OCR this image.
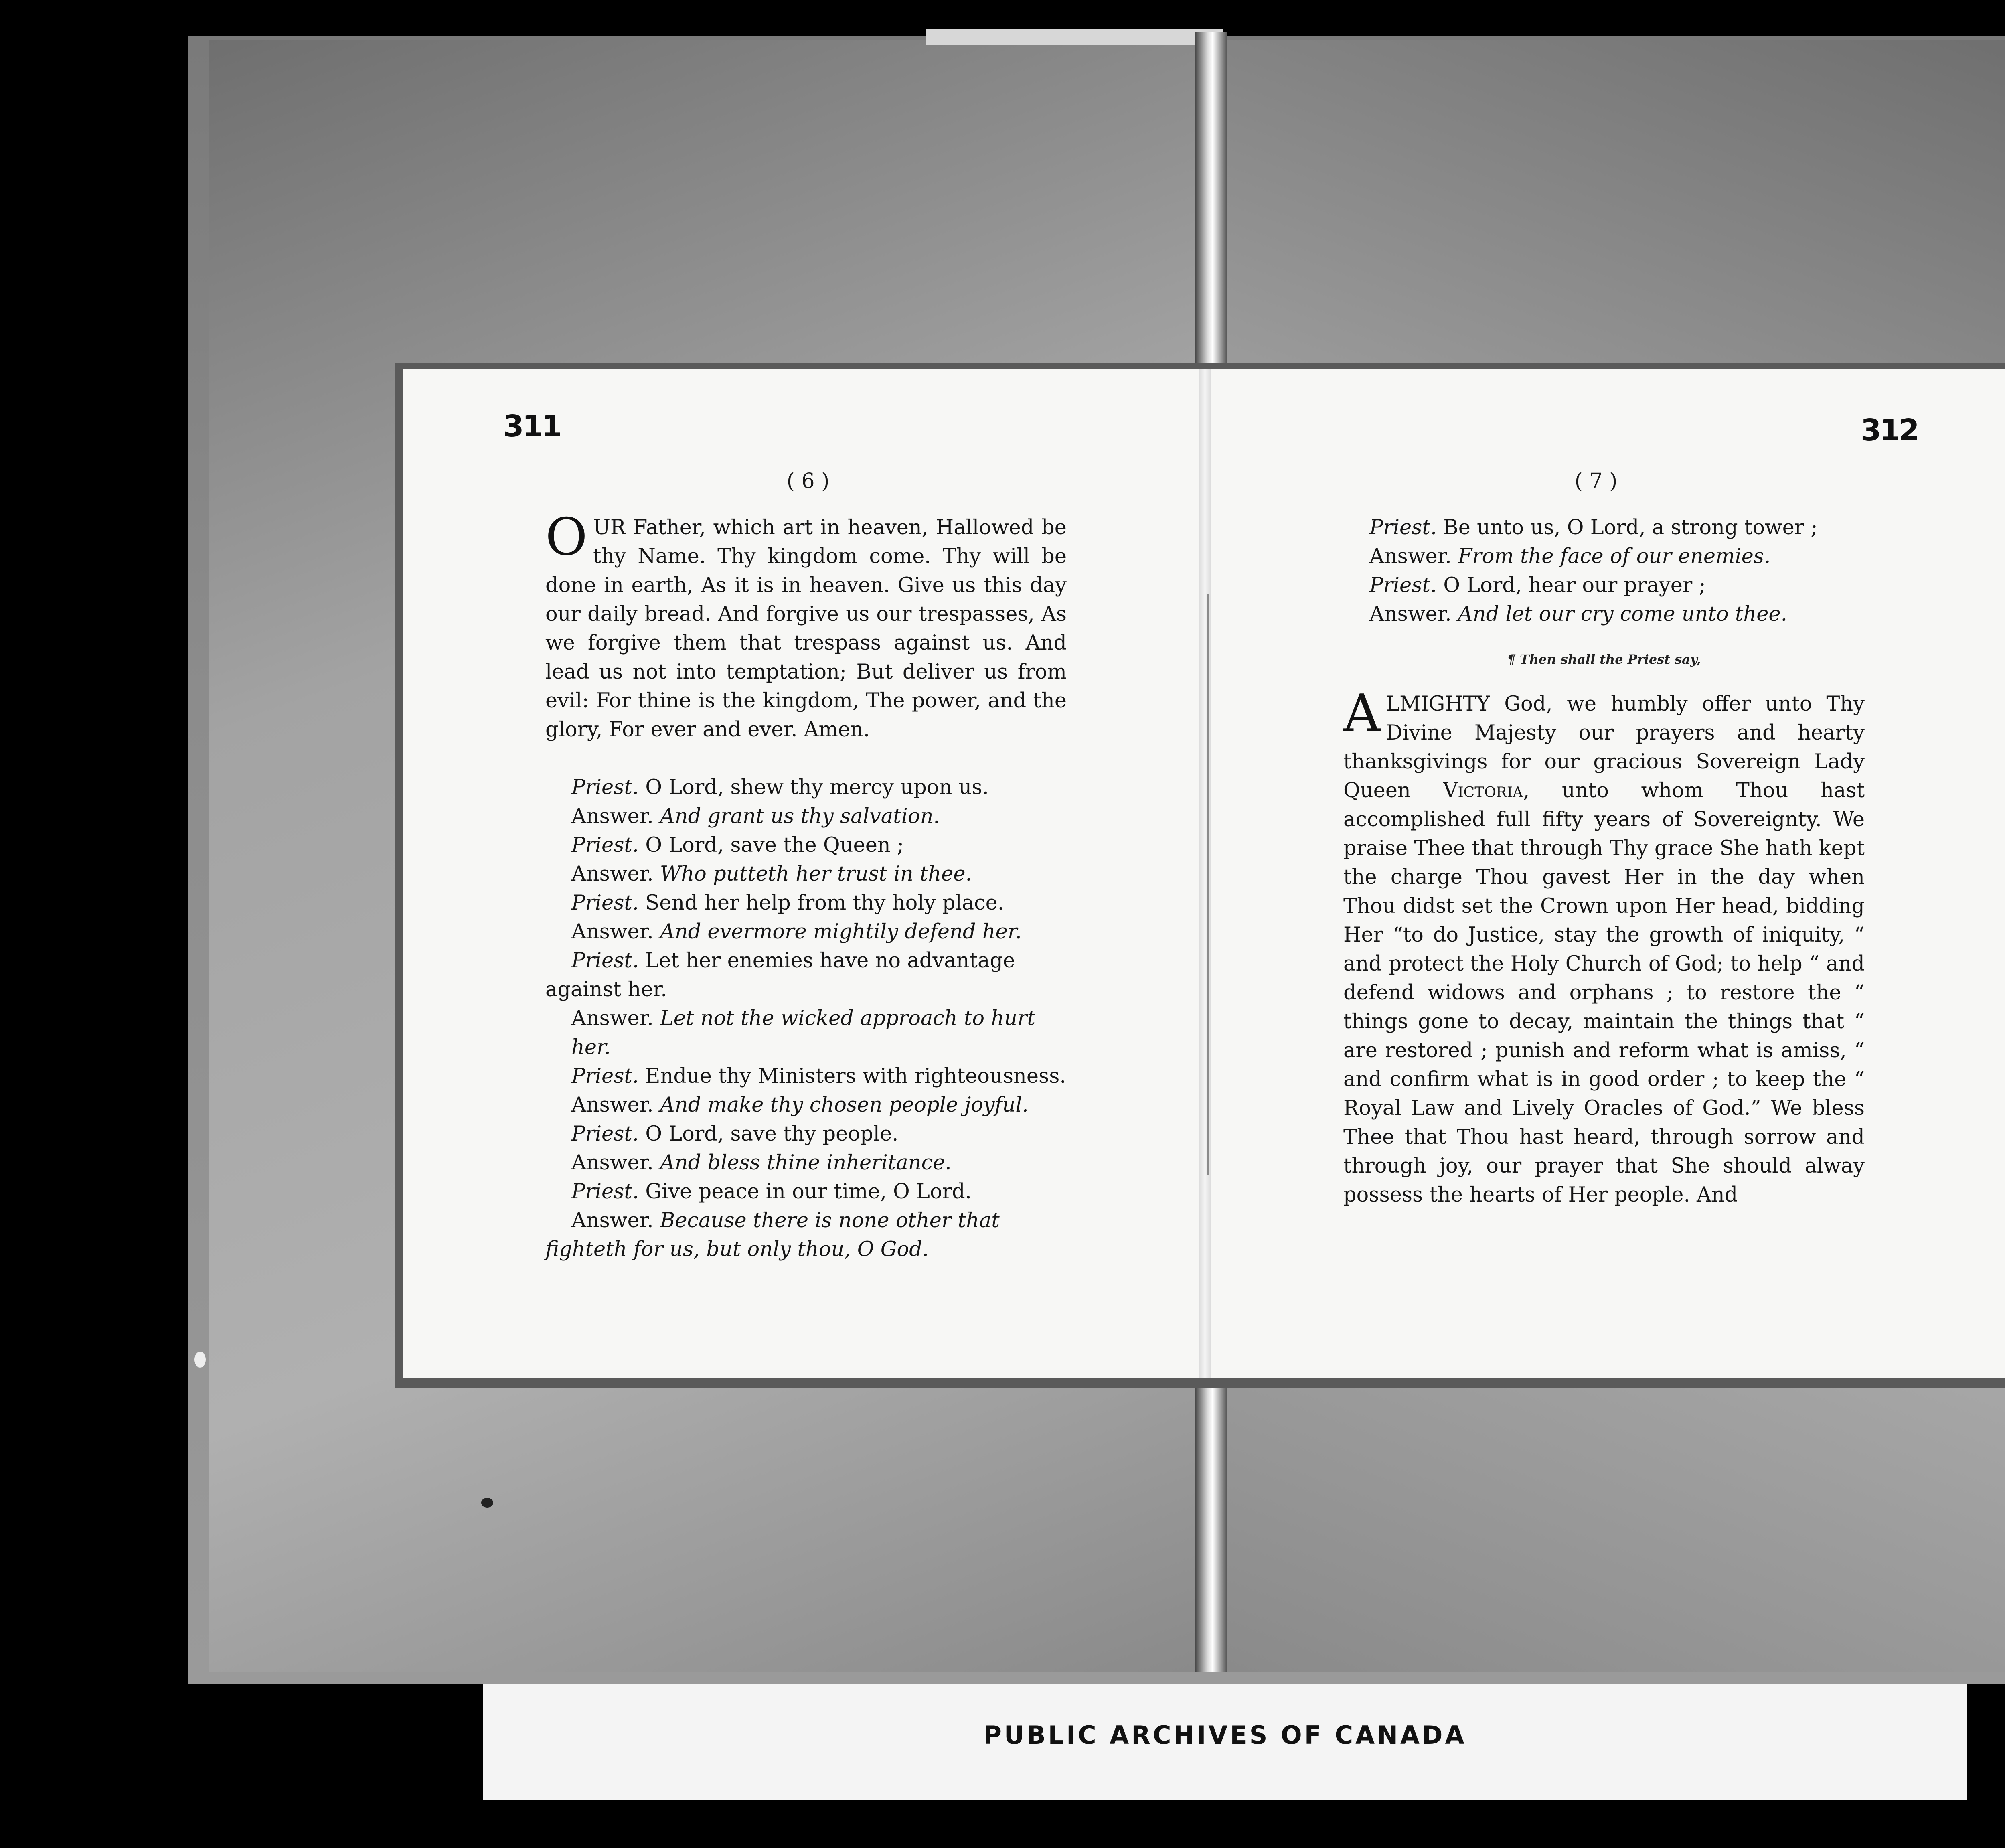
311	312
( 6 )	( 7 )
OUR Father, which art in heaven, Hallowed be thy Name. Thy kingdom come. Thy will be done in earth, As it is in heaven. Give us this day our daily bread. And forgive us our trespasses, As we forgive them that trespass against us. And lead us not into temptation; But deliver us from evil: For thine is the kingdom, The power, and the glory, For ever and ever. Amen.

Priest. O Lord, shew thy mercy upon us.

Answer. And grant us thy salvation.

Priest. O Lord, save the Queen ;

Answer. Who putteth her trust in thee.

Priest. Send her help from thy holy place.

Answer. And evermore mightily defend her.

Priest. Let her enemies have no advantage against her.

Answer. Let not the wicked approach to hurt her.

Priest. Endue thy Ministers with righteousness.

Answer. And make thy chosen people joyful.

Priest. O Lord, save thy people.

Answer. And bless thine inheritance.

Priest. Give peace in our time, O Lord.

Answer. Because there is none other that fighteth for us, but only thou, O God.

Priest. Be unto us, O Lord, a strong tower ;

Answer. From the face of our enemies.

Priest. O Lord, hear our prayer ;

Answer. And let our cry come unto thee.

¶ Then shall the Priest say,
ALMIGHTY God, we humbly offer unto Thy Divine Majesty our prayers and hearty thanksgivings for our gracious Sovereign Lady Queen Victoria, unto whom Thou hast accomplished full fifty years of Sovereignty. We praise Thee that through Thy grace She hath kept the charge Thou gavest Her in the day when Thou didst set the Crown upon Her head, bidding Her “to do Justice, stay the growth of iniquity, “ and protect the Holy Church of God; to help “ and defend widows and orphans ; to restore the “ things gone to decay, maintain the things that “ are restored ; punish and reform what is amiss, “ and confirm what is in good order ; to keep the “ Royal Law and Lively Oracles of God.” We bless Thee that Thou hast heard, through sorrow and through joy, our prayer that She should alway possess the hearts of Her people. And
PUBLIC ARCHIVES OF CANADA
